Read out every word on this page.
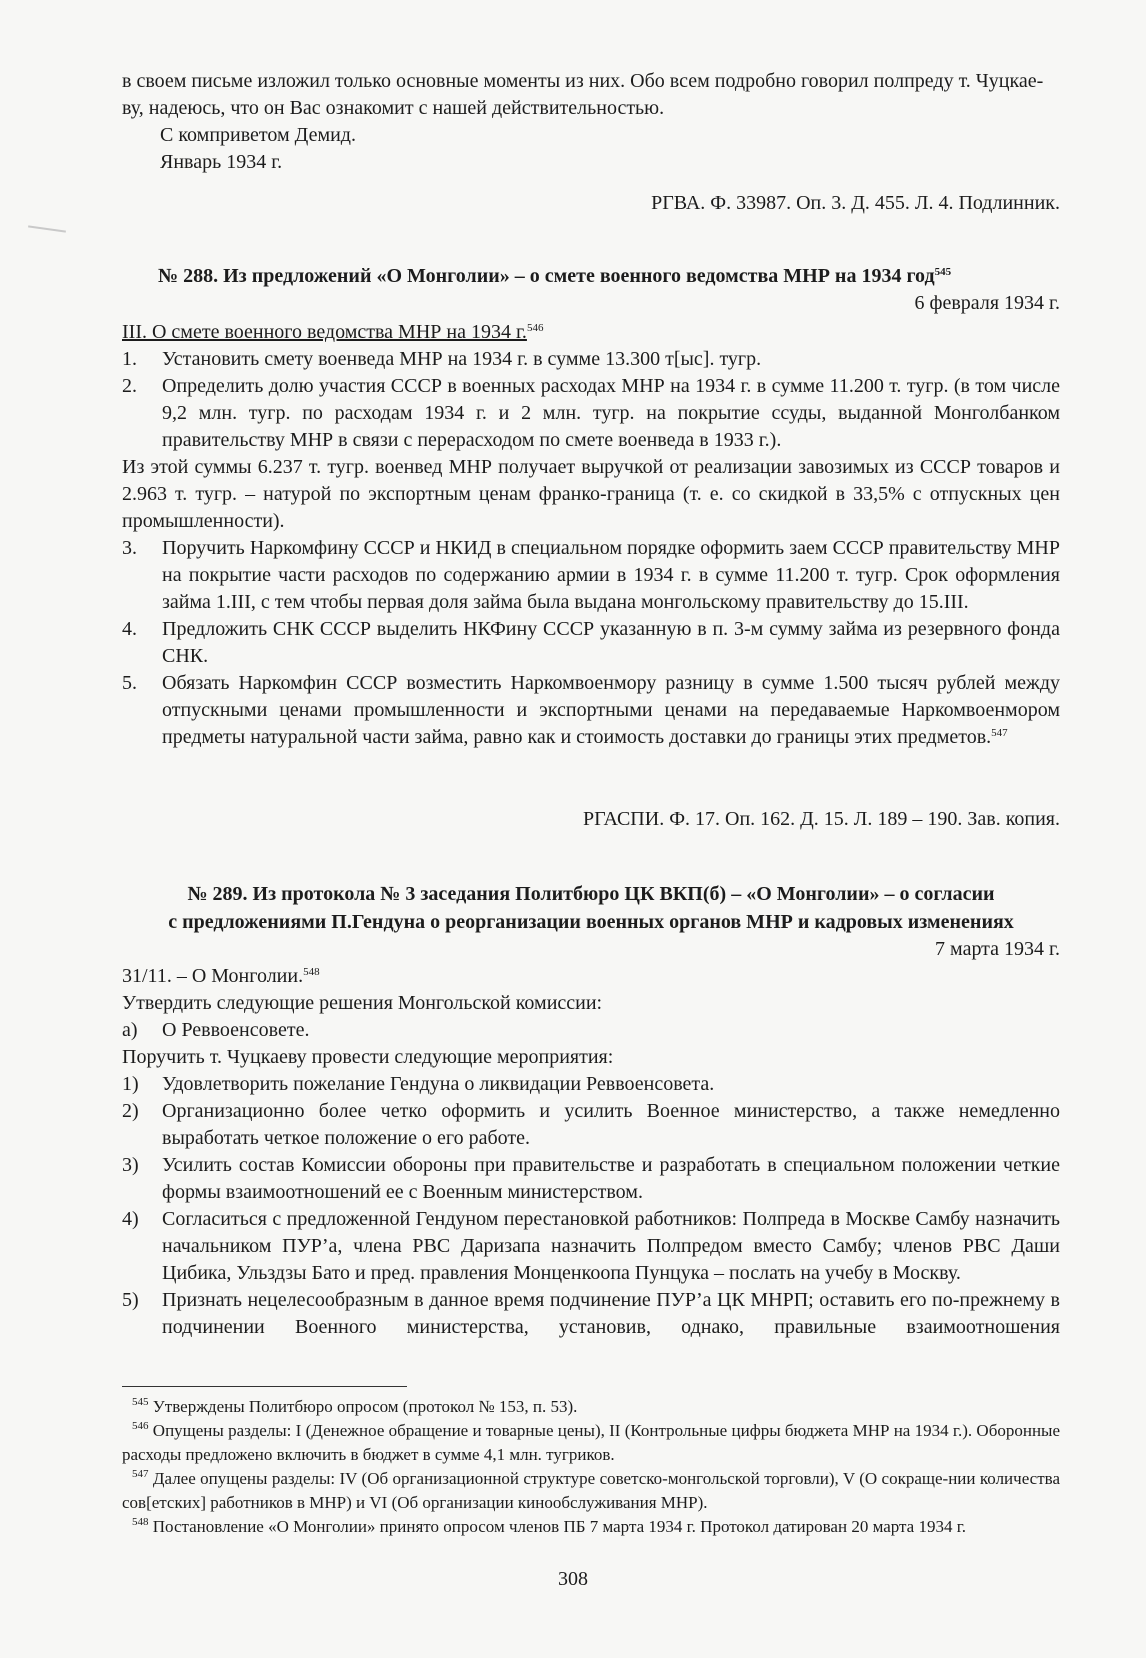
в своем письме изложил только основные моменты из них. Обо всем подробно говорил полпреду т. Чуцкае-

ву, надеюсь, что он Вас ознакомит с нашей действительностью.

С комприветом Демид.

Январь 1934 г.

РГВА. Ф. 33987. Оп. 3. Д. 455. Л. 4. Подлинник.

№ 288. Из предложений «О Монголии» – о смете военного ведомства МНР на 1934 год$^{545}$

6 февраля 1934 г.

III. О смете военного ведомства МНР на 1934 г.$^{546}$

1.	Установить смету военведа МНР на 1934 г. в сумме 13.300 т[ыс]. тугр.
2.	Определить долю участия СССР в военных расходах МНР на 1934 г. в сумме 11.200 т. тугр. (в том числе 9,2 млн. тугр. по расходам 1934 г. и 2 млн. тугр. на покрытие ссуды, выданной Монголбанком правительству МНР в связи с перерасходом по смете военведа в 1933 г.).

Из этой суммы 6.237 т. тугр. военвед МНР получает выручкой от реализации завозимых из СССР товаров и 2.963 т. тугр. – натурой по экспортным ценам франко-граница (т. е. со скидкой в 33,5% с отпускных цен промышленности).

3.	Поручить Наркомфину СССР и НКИД в специальном порядке оформить заем СССР правительству МНР на покрытие части расходов по содержанию армии в 1934 г. в сумме 11.200 т. тугр. Срок оформления займа 1.III, с тем чтобы первая доля займа была выдана монгольскому правительству до 15.III.
4.	Предложить СНК СССР выделить НКФину СССР указанную в п. 3-м сумму займа из резервного фонда СНК.
5.	Обязать Наркомфин СССР возместить Наркомвоенмору разницу в сумме 1.500 тысяч рублей между отпускными ценами промышленности и экспортными ценами на передаваемые Наркомвоенмором предметы натуральной части займа, равно как и стоимость доставки до границы этих предметов.$^{547}$

РГАСПИ. Ф. 17. Оп. 162. Д. 15. Л. 189 – 190. Зав. копия.

№ 289. Из протокола № 3 заседания Политбюро ЦК ВКП(б) – «О Монголии» – о согласии

с предложениями П.Гендуна о реорганизации военных органов МНР и кадровых изменениях

7 марта 1934 г.

31/11. – О Монголии.$^{548}$

Утвердить следующие решения Монгольской комиссии:

а)	О Реввоенсовете.

Поручить т. Чуцкаеву провести следующие мероприятия:

1)	Удовлетворить пожелание Гендуна о ликвидации Реввоенсовета.
2)	Организационно более четко оформить и усилить Военное министерство, а также немедленно выработать четкое положение о его работе.
3)	Усилить состав Комиссии обороны при правительстве и разработать в специальном положении четкие формы взаимоотношений ее с Военным министерством.
4)	Согласиться с предложенной Гендуном перестановкой работников: Полпреда в Москве Самбу назначить начальником ПУР’а, члена РВС Даризапа назначить Полпредом вместо Самбу; членов РВС Даши Цибика, Ульздзы Бато и пред. правления Монценкоопа Пунцука – послать на учебу в Москву.
5)	Признать нецелесообразным в данное время подчинение ПУР’а ЦК МНРП; оставить его по-прежнему в подчинении Военного министерства, установив, однако, правильные взаимоотношения

$^{545}$ Утверждены Политбюро опросом (протокол № 153, п. 53).

$^{546}$ Опущены разделы: I (Денежное обращение и товарные цены), II (Контрольные цифры бюджета МНР на 1934 г.). Оборонные расходы предложено включить в бюджет в сумме 4,1 млн. тугриков.

$^{547}$ Далее опущены разделы: IV (Об организационной структуре советско-монгольской торговли), V (О сокраще-нии количества сов[етских] работников в МНР) и VI (Об организации кинообслуживания МНР).

$^{548}$ Постановление «О Монголии» принято опросом членов ПБ 7 марта 1934 г. Протокол датирован 20 марта 1934 г.

308
